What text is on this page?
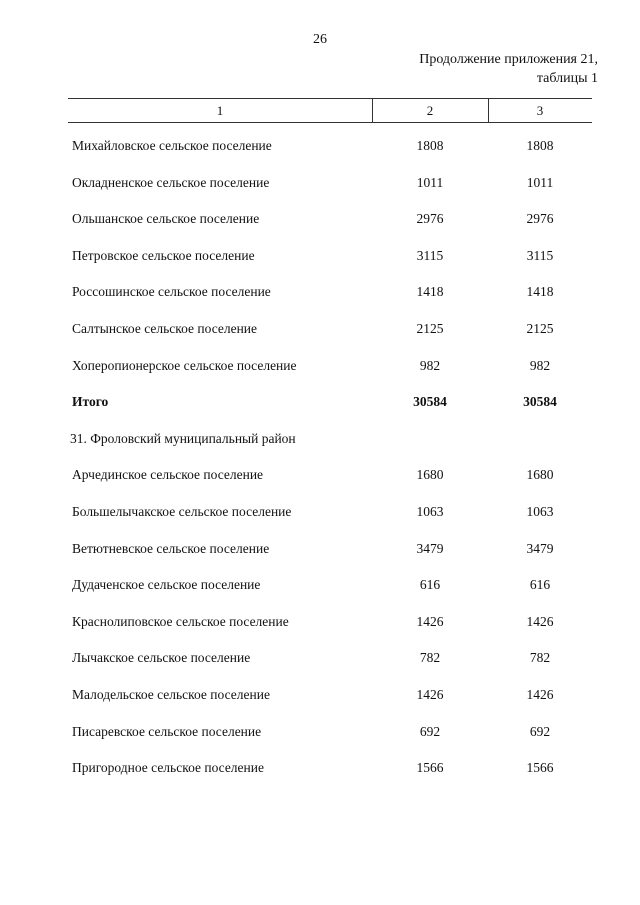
26
Продолжение приложения 21,
таблицы 1
1	2	3
Михайловское сельское поселение	1808	1808
Окладненское сельское поселение	1011	1011
Ольшанское сельское поселение	2976	2976
Петровское сельское поселение	3115	3115
Россошинское сельское поселение	1418	1418
Салтынское сельское поселение	2125	2125
Хоперопионерское сельское поселение	982	982
Итого	30584	30584
31. Фроловский муниципальный район
Арчединское сельское поселение	1680	1680
Большелычакское сельское поселение	1063	1063
Ветютневское сельское поселение	3479	3479
Дудаченское сельское поселение	616	616
Краснолиповское сельское поселение	1426	1426
Лычакское сельское поселение	782	782
Малодельское сельское поселение	1426	1426
Писаревское сельское поселение	692	692
Пригородное сельское поселение	1566	1566
